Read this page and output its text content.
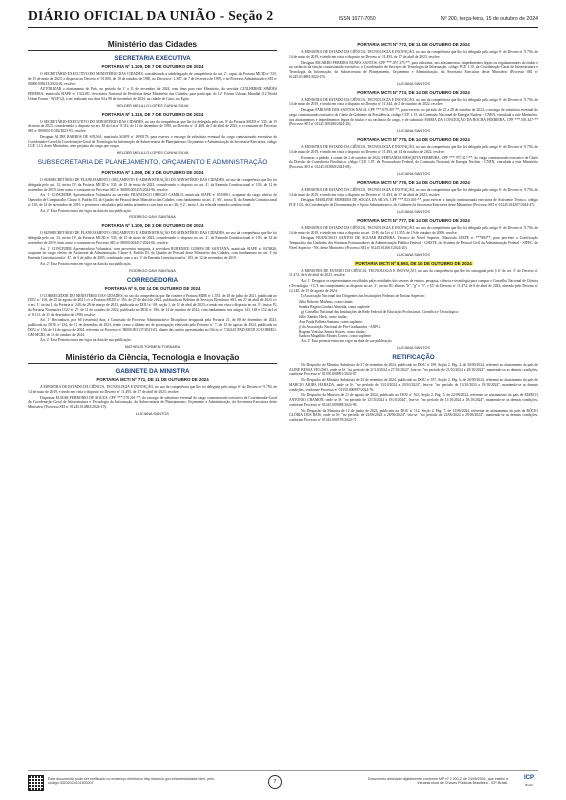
DIÁRIO OFICIAL DA UNIÃO - Seção 2	ISSN 1677-7050	Nº 200, terça-feira, 15 de outubro de 2024
Ministério das Cidades
SECRETARIA EXECUTIVA
PORTARIA Nº 1.109, DE 7 DE OUTUBRO DE 2024

O SECRETÁRIO-EXECUTIVO DO MINISTÉRIO DAS CIDADES, considerando a subdelegação de competência do art. 2º, caput, da Portaria MCID nº 535, de 15 de maio de 2023, o disposto no Decreto nº 91.800, de 18 de outubro de 1985, no Decreto nº 1.387, de 7 de fevereiro de 1995, e no Processo Administrativo SEI nº 80000.008213/2024-02, resolve:

AUTORIZAR o afastamento do País, no período de 1º a 11 de novembro de 2024, com ônus para este Ministério, do servidor GUILHERME SIMÕES PEREIRA, matrícula SIAPE nº 1322181, Secretário Nacional de Periferias deste Ministério das Cidades, para participar do 12º Fórum Urbano Mundial (12 World Urban Forum - WUF12), a ser realizado nos dias 04 a 08 de novembro de 2024, na cidade de Cairo, no Egito.

HELDER MELILLO LOPES CUNHA SILVA
PORTARIA Nº 1.115, DE 7 DE OUTUBRO DE 2024

O SECRETÁRIO-EXECUTIVO DO MINISTÉRIO DAS CIDADES, no uso da competência que lhe foi delegada pelo art. 9º da Portaria MCID nº 535, de 15 de maio de 2023, considerando o disposto no art. 38 da Lei nº 8.112, de 11 de dezembro de 1990, no Decreto nº 11.468, de 5 de abril de 2023, e o constante do Processo SEI nº 80000.011582/2023-93, resolve:

Designar ALINE BARROS DE SOUSA, matrícula SIAPE nº 1699179, para exercer o encargo de substituta eventual do cargo comissionado executivo de Coordenador-Geral da Coordenação-Geral de Tecnologia da Informação da Subsecretaria de Planejamento, Orçamento e Administração da Secretaria-Executiva, código CCE 1.13, deste Ministério, sem prejuízo do cargo que ocupa.

HELDER MELILLO LOPES CUNHA SILVA
SUBSECRETARIA DE PLANEJAMENTO, ORÇAMENTO E ADMINISTRAÇÃO
PORTARIA Nº 1.099, DE 3 DE OUTUBRO DE 2024

O SUBSECRETÁRIO DE PLANEJAMENTO, ORÇAMENTO E ADMINISTRAÇÃO DO MINISTÉRIO DAS CIDADES, no uso da competência que lhe foi delegada pelo art. 13, inciso IV, da Portaria MCID nº 535, de 15 de maio de 2023, considerando o disposto no art. 4º, da Emenda Constitucional nº 103, de 12 de novembro de 2019, bem como o constante no Processo SEI nº 80000.005455/2024-96, resolve:

Art. 1º CONCEDER Aposentadoria Voluntária ao servidor FRANCISCO OBEGIO CAMILO, matrícula SIAPE nº 0519061, ocupante do cargo efetivo de Operador de Computador, Classe S, Padrão III, do Quadro de Pessoal deste Ministério das Cidades, com fundamento no art. 4º, §6º, inciso II, da Emenda Constitucional nº 103, de 12 de novembro de 2019, e proventos calculados pela média aritmética com base no art. 26, § 2º, inciso I, da referida emenda constitucional.

Art. 2º Esta Portaria entra em vigor na data da sua publicação.

RODRIGO DAVI SANTANA
PORTARIA Nº 1.100, DE 3 DE OUTUBRO DE 2024

O SUBSECRETÁRIO DE PLANEJAMENTO, ORÇAMENTO E ADMINISTRAÇÃO DO MINISTÉRIO DAS CIDADES, no uso da competência que lhe foi delegada pelo art. 13, inciso IV, da Portaria MCID nº 535, de 15 de maio de 2023, considerando o disposto no art. 4º, da Emenda Constitucional nº 103, de 12 de novembro de 2019, bem como o constante no Processo SEI nº 80000.004417/2024-66, resolve:

Art. 1º CONCEDER Aposentadoria Voluntária, com proventos integrais, à servidora RUBENICE GOMES DE SANTANA, matrícula SIAPE nº 0476826, ocupante do cargo efetivo de Assistente de Administração, Classe S, Padrão III, do Quadro de Pessoal deste Ministério das Cidades, com fundamento no art. 3º da Emenda Constitucional nº 47, de 5 de julho de 2005, combinado com o art. 3º da Emenda Constitucional nº 103, de 12 de novembro de 2019.

Art. 2º Esta Portaria entra em vigor na data da sua publicação.

RODRIGO DAVI SANTANA
CORREGEDORIA
PORTARIA Nº 9, DE 14 DE OUTUBRO DE 2024

O CORREGEDOR DO MINISTÉRIO DAS CIDADES, no uso da competência que lhe confere a Portaria MDR nº 1.553, de 28 de julho de 2021, publicada no DOU n.º 163, de 25 de agosto de 2021 c/c a Portaria MCID nº 353, de 27 de abril de 2023, publicada no Boletim de Serviços Eletrônico SEI, em 27 de abril de 2023 c/c o art. 3º, inciso I, da Portaria nº 240, de 29 de março de 2023, publicada no DOU n.º 69, seção 1, de 11 de abril de 2023; e tendo em vista o disposto no art. 5º, inciso IV, da Portaria Normativa CGU nº 27, de 11 de outubro de 2022, publicada no DOU nº 196, de 14 de outubro de 2022; com fundamento nos artigos 143, 148 e 152 da Lei nº 8.112, de 11 de dezembro de 1990, resolve:

Art. 1º Reconduzir, por 60 (sessenta) dias, a Comissão de Processo Administrativo Disciplinar designada pela Portaria 21, de 08 de dezembro de 2023, publicada no DOU nº 234, de 11 de dezembro de 2023, tendo como o último ato de prorrogação efetivado pela Portaria n.º 7, de 15 de agosto de 2024, publicada no DOU nº 156, de 14 de agosto de 2024, referente ao Processo nº 80000.001137/2023-03, diante das razões apresentadas no Ofício nº 7/2024/CPAD MCID 21/CORREG-GM-MCID, de 11 de outubro de 2024.

Art. 2º Esta Portaria entra em vigor na data de sua publicação.

MATHEUS TORMEN FORNARA
Ministério da Ciência, Tecnologia e Inovação
GABINETE DA MINISTRA
PORTARIA MCTI Nº 771, DE 11 DE OUTUBRO DE 2024

A MINISTRA DE ESTADO DA CIÊNCIA, TECNOLOGIA E INOVAÇÃO, no uso da competência que lhe foi delegada pelo artigo 6º do Decreto nº 9.794, de 14 de maio de 2019, e tendo em vista o disposto no Decreto nº 11.493, de 17 de abril de 2023, resolve:

Dispensar ELMAR FEBRONIO DE SOUZA, CPF ***.578.201-**, do encargo de substituto eventual do cargo comissionado executivo de Coordenador-Geral da Coordenação-Geral de Infraestrutura e Tecnologia da Informação, da Subsecretaria de Planejamento, Orçamento e Administração, da Secretaria-Executiva deste Ministério (Processo SEI nº 01245.014883/2024-19).

LUCIANA SANTOS
PORTARIA MCTI Nº 772, DE 11 DE OUTUBRO DE 2024

A MINISTRA DE ESTADO DA CIÊNCIA, TECNOLOGIA E INOVAÇÃO, no uso da competência que lhe foi delegada pelo artigo 6º do Decreto nº 9.794, de 14 de maio de 2019, e tendo em vista o disposto no Decreto nº 11.493, de 17 de abril de 2023, resolve:

Designar RICARDO PEREIRA NUNES SANTOS, CPF ***.057.375-**, para substituir, nos afastamentos, impedimentos legais ou regulamentares do titular e na vacância da função comissionada executiva, o Coordenador de Serviços de Tecnologia da Informação, código FCE 1.10, da Coordenação-Geral de Infraestrutura e Tecnologia da Informação, da Subsecretaria de Planejamento, Orçamento e Administração, da Secretaria Executiva deste Ministério (Processo SEI nº 01245.014883/2024-19).

LUCIANA SANTOS
PORTARIA MCTI Nº 774, DE 14 DE OUTUBRO DE 2024

A MINISTRA DE ESTADO DA CIÊNCIA, TECNOLOGIA E INOVAÇÃO, no uso da competência que lhe foi delegada pelo artigo 6º do Decreto nº 9.794, de 14 de maio de 2019, e tendo em vista o disposto no Decreto nº 11.344, de 2 de outubro de 2022, resolve:

Designar FABIANE DOS SANTOS NAGA, CPF ***.079.397-**, para exercer, no período de 21 a 28 de outubro de 2024, o encargo de substituta eventual do cargo comissionado executivo de Chefe de Gabinete da Presidência, código CCE 1.13, da Comissão Nacional de Energia Nuclear - CNEN, vinculada a este Ministério, nos afastamentos e impedimentos legais do titular e na vacância do cargo, e de substituir MARIA DA CONCEIÇÃO DA ROCHA FERREIRA, CPF ***.501.447-** (Processo SEI nº 01341.005280/2024-20).

LUCIANA SANTOS
PORTARIA MCTI Nº 775, DE 14 DE OUTUBRO DE 2024

A MINISTRA DE ESTADO DA CIÊNCIA, TECNOLOGIA E INOVAÇÃO, no uso da competência que lhe foi delegada pelo artigo 6º do Decreto nº 9.794, de 14 de maio de 2019, e tendo em vista o disposto no Decreto nº 11.493, de 14 de outubro de 2022, resolve:

Exonerar, a pedido, a contar de 2 de outubro de 2024, FERNANDA MESQUITA FERREIRA, CPF ***.707.317-**, do cargo comissionado executivo de Chefe da Divisão de Consultoria Finalística, código CCE 1.07, da Procuradoria Federal, da Comissão Nacional de Energia Nuclear - CNEN, vinculada a este Ministério (Processo SEI nº 01245.015068/2024-69).

LUCIANA SANTOS
PORTARIA MCTI Nº 776, DE 14 DE OUTUBRO DE 2024

A MINISTRA DE ESTADO DA CIÊNCIA, TECNOLOGIA E INOVAÇÃO, no uso da competência que lhe foi delegada pelo artigo 6º do Decreto nº 9.794, de 14 de maio de 2019, e tendo em vista o disposto no Decreto nº 11.493, de 17 de abril de 2023, resolve:

Designar MARLENE MOREIRA DE SOUZA DA SILVA, CPF ***.823.401-**, para exercer a função comissionada executiva de Assistente Técnico, código FCE 1.02, da Coordenação de Documentação e Apoio Administrativo, do Gabinete da Secretaria Executiva deste Ministério (Processo SEI nº 01245.014207/2024-47).

LUCIANA SANTOS
PORTARIA MCTI Nº 777, DE 14 DE OUTUBRO DE 2024

A MINISTRA DE ESTADO DA CIÊNCIA, TECNOLOGIA E INOVAÇÃO, no uso da competência que lhe foi delegada pelo artigo 6º do Decreto nº 9.794, de 14 de maio de 2019, e tendo em vista o disposto no art. 15-B, da Lei nº 11.355, de 19 de outubro de 2006, resolve:

Designar FRANCISCO SANTOS DE AGUIAR BEZERRA, Técnico de Nível Superior, Matrícula SIAPE nº ***883**, para perceber a Gratificação Temporária das Unidades dos Sistemas Estruturadores da Administração Pública Federal - GSISTE, do Sistema de Pessoal Civil da Administração Federal - SIPEC, de Nível Superior - NS, deste Ministério (Processo SEI nº 01245.012601/2024-20).

LUCIANA SANTOS
PORTARIA MCTI Nº 8.593, DE 10 DE OUTUBRO DE 2024

A MINISTRA DE ESTADO DA CIÊNCIA, TECNOLOGIA E INOVAÇÃO, no uso da competência que lhe foi outorgada pelo § 6º do art. 3º do Decreto nº 11.474, de 6 de abril de 2023, resolve:

Art. 1º Designar os representantes escolhidos pelas entidades dos setores de ensino, pesquisa, ciência e tecnologia para compor o Conselho Nacional de Ciência e Tecnologia - CCT, em cumprimento ao disposto no art. 3º, inciso III, alíneas "b", "g" e "f", e §5º do Decreto nº 11.474, de 6 de abril de 2023, alterado pelo Decreto nº 12.140, de 15 de agosto de 2024:

I) Associação Nacional dos Dirigentes das Instituições Federais de Ensino Superior:

Júlio Roberto Matheus, como titular;
Sandra Regina Goulart Almeida, como suplente.

g) Conselho Nacional das Instituições da Rede Federal de Educação Profissional, Científica e Tecnológica:

Júlio Xandro Heck, como titular;
Ana Paula Palheta Santana, como suplente.
j) da Associação Nacional de Pós-Graduandos - ANPG:
Rogean Vinicius Santos Soares, como titular;
Isadora Magalhão Morais Cortez, como suplente.

Art. 2º Esta portaria entra em vigor na data de sua publicação.

LUCIANA SANTOS
RETIFICAÇÃO

No Despacho do Ministro Substituto de 27 de setembro de 2024, publicado no DOU nº 189, Seção 2, Pág. 4, de 30/09/2024, referente ao afastamento do país de ALINE BESSA VELOSO, onde se lê: "no período de 21/10/2024 a 27/10/2024", leia-se: "no período de 21/10/2024 a 28/10/2024", mantendo-se as demais condições, conforme Processo nº 01350.000991/2024-07.

No Despacho do Ministro Substituto de 25 de setembro de 2024, publicado no DOU nº 187, Seção 2, Pág. 6, de 26/09/2024, referente ao afastamento do país de MARCIO AKIRA HARADA, onde se lê: "no período de 13/10/2024 a 20/10/2024", leia-se: "no período de 13/10/2024 a 19/10/2024", mantendo-se as demais condições, conforme Processo nº 01350.000997/2024-76.

No Despacho da Ministra de 21 de agosto de 2024, publicado no DOU nº 162, Seção 2, Pág. 5, de 22/08/2024, referente ao afastamento do país de MARCO ANTONIO CHAMON, onde se lê: "no período de 12/10/2024 a 19/10/2024", leia-se: "no período de 11/10/2024 a 18/10/2024", mantendo-se as demais condições, conforme Processo nº 01245.009388/2024-96.

No Despacho da Ministra de 12 de junho de 2024, publicado no DOU nº 112, Seção 2, Pág. 7, de 13/06/2024, referente ao afastamento do país de RÓCIO GLÓRIA DOS REIS, onde se lê: "no período de 22/06/2024 a 28/06/2024", leia-se: "no período de 22/06/2024 a 29/06/2024", mantendo-se as demais condições, conforme Processo nº 01343.000378/2024-71.

Este documento pode ser verificado no endereço eletrônico http://www.in.gov.br/autenticidade.html, pelo código 05202024101500007	7	Documento assinado digitalmente conforme MP nº 2.200-2 de 24/08/2001, que institui a Infraestrutura de Chaves Públicas Brasileira - ICP-Brasil.
ICP
Brasil
